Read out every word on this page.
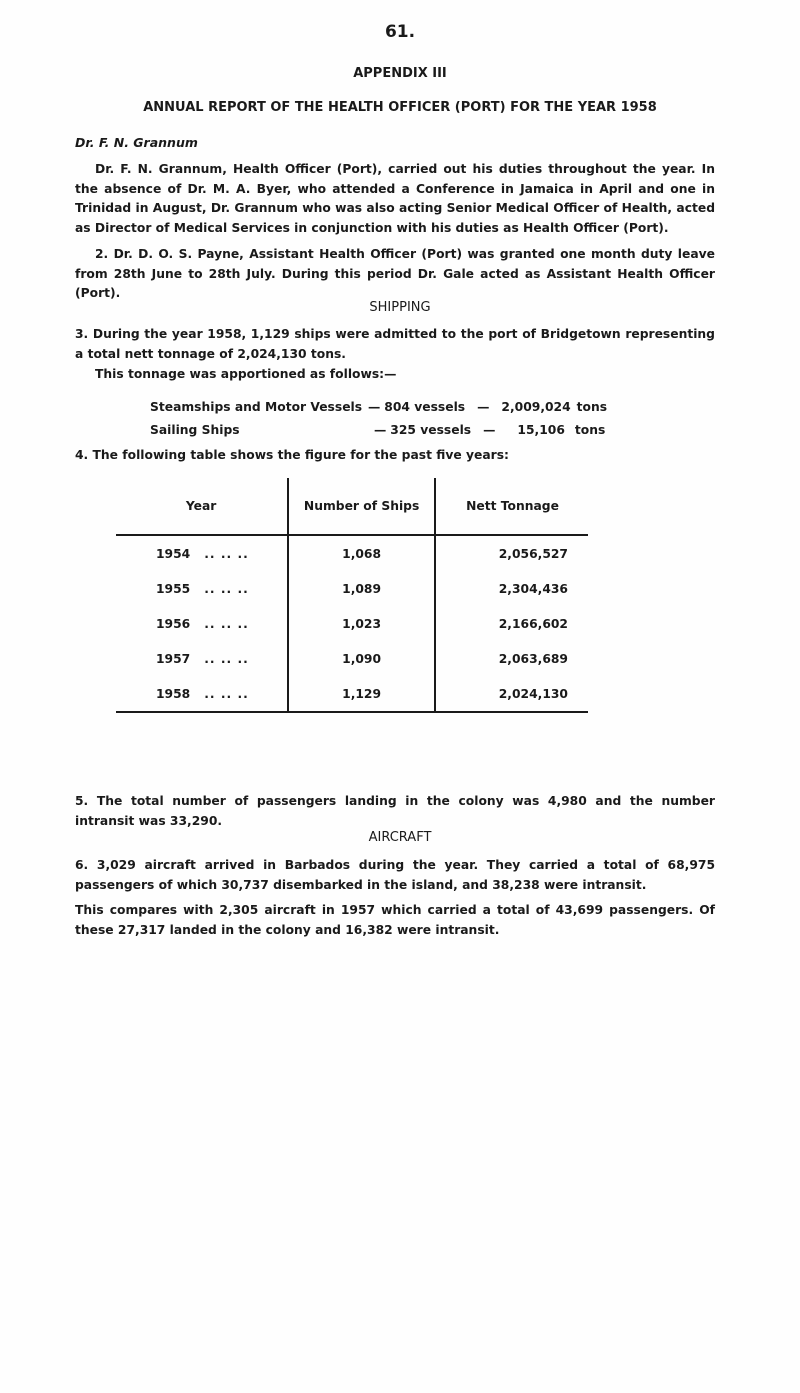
61.
APPENDIX III
ANNUAL REPORT OF THE HEALTH OFFICER (PORT) FOR THE YEAR 1958
Dr. F. N. Grannum
Dr. F. N. Grannum, Health Officer (Port), carried out his duties throughout the year. In the absence of Dr. M. A. Byer, who attended a Conference in Jamaica in April and one in Trinidad in August, Dr. Grannum who was also acting Senior Medical Officer of Health, acted as Director of Medical Services in conjunction with his duties as Health Officer (Port).
2. Dr. D. O. S. Payne, Assistant Health Officer (Port) was granted one month duty leave from 28th June to 28th July. During this period Dr. Gale acted as Assistant Health Officer (Port).
SHIPPING
3. During the year 1958, 1,129 ships were admitted to the port of Bridgetown representing a total nett tonnage of 2,024,130 tons.
This tonnage was apportioned as follows:—
Steamships and Motor Vessels — 804 vessels — 2,009,024 tons
Sailing Ships	— 325 vessels — 15,106 tons
4. The following table shows the figure for the past five years:
Year	Number of Ships	Nett Tonnage
1954 .. .. ..	1,068	2,056,527
1955 .. .. ..	1,089	2,304,436
1956 .. .. ..	1,023	2,166,602
1957 .. .. ..	1,090	2,063,689
1958 .. .. ..	1,129	2,024,130
5. The total number of passengers landing in the colony was 4,980 and the number intransit was 33,290.
AIRCRAFT
6. 3,029 aircraft arrived in Barbados during the year. They carried a total of 68,975 passengers of which 30,737 disembarked in the island, and 38,238 were intransit.
This compares with 2,305 aircraft in 1957 which carried a total of 43,699 passengers. Of these 27,317 landed in the colony and 16,382 were intransit.
